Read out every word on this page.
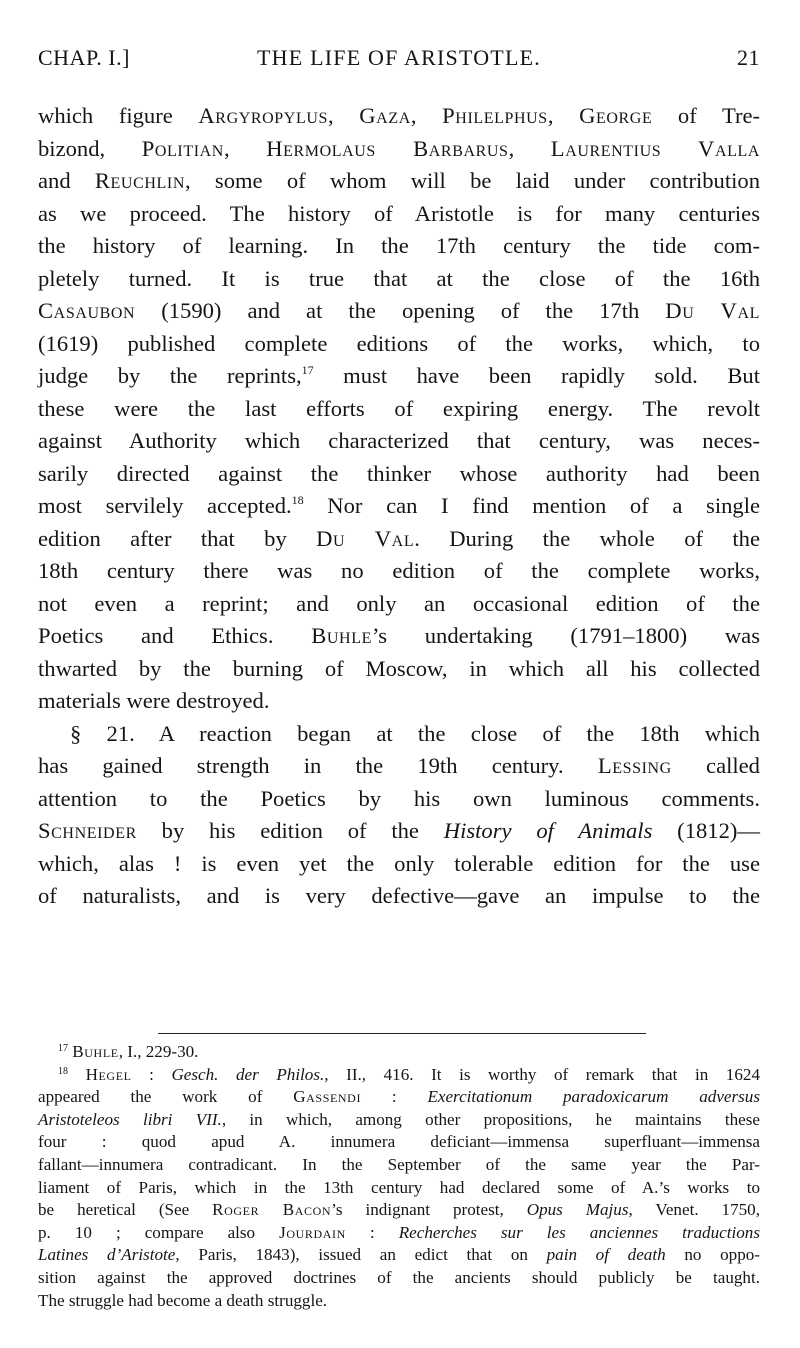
CHAP. I.]	THE LIFE OF ARISTOTLE.	21
which figure Argyropylus, Gaza, Philelphus, George of Tre-
bizond, Politian, Hermolaus Barbarus, Laurentius Valla
and Reuchlin, some of whom will be laid under contribution
as we proceed. The history of Aristotle is for many centuries
the history of learning. In the 17th century the tide com-
pletely turned. It is true that at the close of the 16th
Casaubon (1590) and at the opening of the 17th Du Val
(1619) published complete editions of the works, which, to
judge by the reprints,$^{17}$ must have been rapidly sold. But
these were the last efforts of expiring energy. The revolt
against Authority which characterized that century, was neces-
sarily directed against the thinker whose authority had been
most servilely accepted.$^{18}$ Nor can I find mention of a single
edition after that by Du Val. During the whole of the
18th century there was no edition of the complete works,
not even a reprint; and only an occasional edition of the
Poetics and Ethics. Buhle’s undertaking (1791–1800) was
thwarted by the burning of Moscow, in which all his collected
materials were destroyed.
§ 21. A reaction began at the close of the 18th which
has gained strength in the 19th century. Lessing called
attention to the Poetics by his own luminous comments.
Schneider by his edition of the History of Animals (1812)—
which, alas ! is even yet the only tolerable edition for the use
of naturalists, and is very defective—gave an impulse to the
$^{17}$ Buhle, I., 229-30.
$^{18}$ Hegel : Gesch. der Philos., II., 416. It is worthy of remark that in 1624
appeared the work of Gassendi : Exercitationum paradoxicarum adversus
Aristoteleos libri VII., in which, among other propositions, he maintains these
four : quod apud A. innumera deficiant—immensa superfluant—immensa
fallant—innumera contradicant. In the September of the same year the Par-
liament of Paris, which in the 13th century had declared some of A.’s works to
be heretical (See Roger Bacon’s indignant protest, Opus Majus, Venet. 1750,
p. 10 ; compare also Jourdain : Recherches sur les anciennes traductions
Latines d’Aristote, Paris, 1843), issued an edict that on pain of death no oppo-
sition against the approved doctrines of the ancients should publicly be taught.
The struggle had become a death struggle.
